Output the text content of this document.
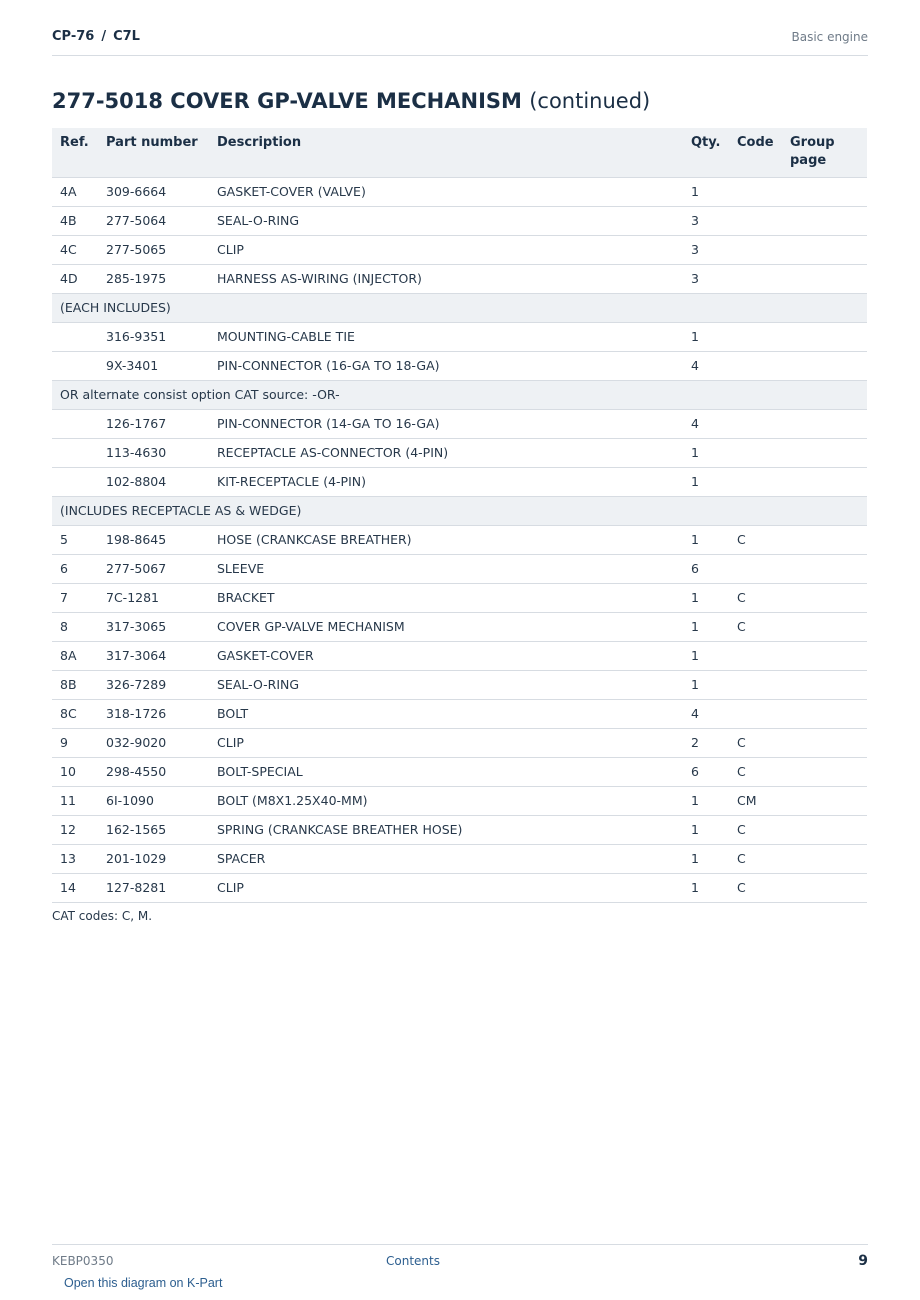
CP-76 / C7L	Basic engine
277-5018 COVER GP-VALVE MECHANISM (continued)
Ref.	Part number	Description	Qty.	Code	Group page
4A	309-6664	GASKET-COVER (VALVE)	1		
4B	277-5064	SEAL-O-RING	3		
4C	277-5065	CLIP	3		
4D	285-1975	HARNESS AS-WIRING (INJECTOR)	3		
(EACH INCLUDES)					
	316-9351	MOUNTING-CABLE TIE	1		
	9X-3401	PIN-CONNECTOR (16-GA TO 18-GA)	4		
OR alternate consist option CAT source: -OR-					
	126-1767	PIN-CONNECTOR (14-GA TO 16-GA)	4		
	113-4630	RECEPTACLE AS-CONNECTOR (4-PIN)	1		
	102-8804	KIT-RECEPTACLE (4-PIN)	1		
(INCLUDES RECEPTACLE AS & WEDGE)					
5	198-8645	HOSE (CRANKCASE BREATHER)	1	C	
6	277-5067	SLEEVE	6		
7	7C-1281	BRACKET	1	C	
8	317-3065	COVER GP-VALVE MECHANISM	1	C	
8A	317-3064	GASKET-COVER	1		
8B	326-7289	SEAL-O-RING	1		
8C	318-1726	BOLT	4		
9	032-9020	CLIP	2	C	
10	298-4550	BOLT-SPECIAL	6	C	
11	6I-1090	BOLT (M8X1.25X40-MM)	1	CM	
12	162-1565	SPRING (CRANKCASE BREATHER HOSE)	1	C	
13	201-1029	SPACER	1	C	
14	127-8281	CLIP	1	C	
CAT codes: C, M.
KEBP0350	Contents	9
Open this diagram on K-Part
